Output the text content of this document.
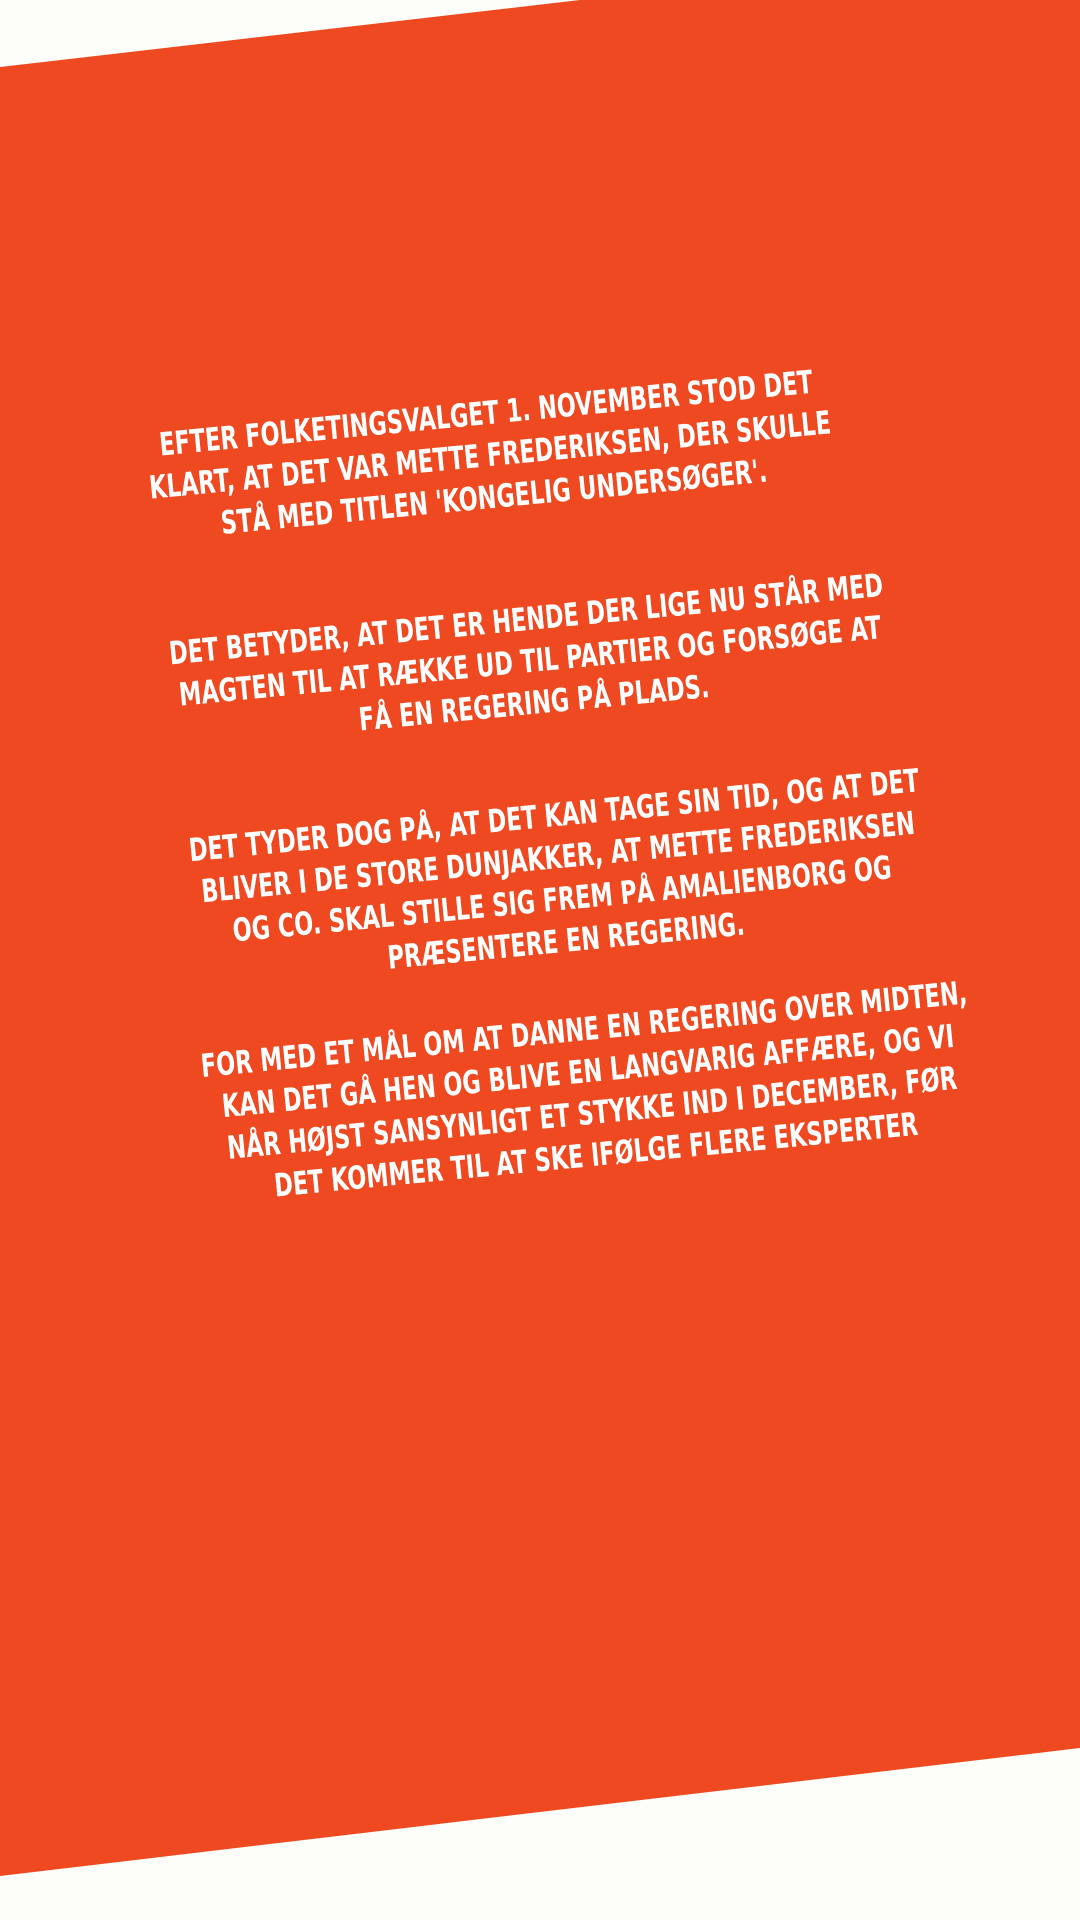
EFTER FOLKETINGSVALGET 1. NOVEMBER STOD DET KLART, AT DET VAR METTE FREDERIKSEN, DER SKULLE STÅ MED TITLEN 'KONGELIG UNDERSØGER'.
DET BETYDER, AT DET ER HENDE DER LIGE NU STÅR MED MAGTEN TIL AT RÆKKE UD TIL PARTIER OG FORSØGE AT FÅ EN REGERING PÅ PLADS.
DET TYDER DOG PÅ, AT DET KAN TAGE SIN TID, OG AT DET BLIVER I DE STORE DUNJAKKER, AT METTE FREDERIKSEN OG CO. SKAL STILLE SIG FREM PÅ AMALIENBORG OG PRÆSENTERE EN REGERING.
FOR MED ET MÅL OM AT DANNE EN REGERING OVER MIDTEN, KAN DET GÅ HEN OG BLIVE EN LANGVARIG AFFÆRE, OG VI NÅR HØJST SANSYNLIGT ET STYKKE IND I DECEMBER, FØR DET KOMMER TIL AT SKE IFØLGE FLERE EKSPERTER
